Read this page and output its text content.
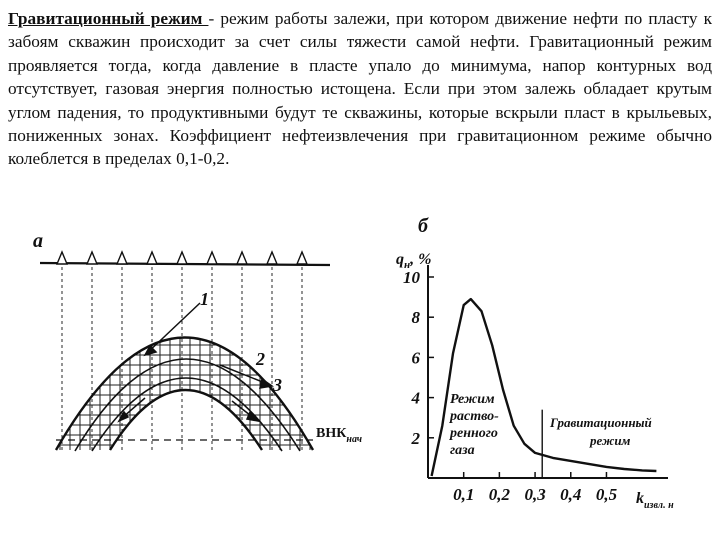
Гравитационный режим - режим работы залежи, при котором движение нефти по пласту к забоям скважин происходит за счет силы тяжести самой нефти. Гравитационный режим проявляется тогда, когда давление в пласте упало до минимума, напор контурных вод отсутствует, газовая энергия полностью истощена. Если при этом залежь обладает крутым углом падения, то продуктивными будут те скважины, которые вскрыли пласт в крыльевых, пониженных зонах. Коэффициент нефтеизвлечения при гравитационном режиме обычно колеблется в пределах 0,1-0,2.
а
1
2
3
$ВНК_{нач}$
б
$q_н$, %
$k_{извл. н}$
2
4
6
8
10
0,1 0,2 0,3 0,4 0,5
Режим
раство-
ренного
газа
Гравитационный
режим
